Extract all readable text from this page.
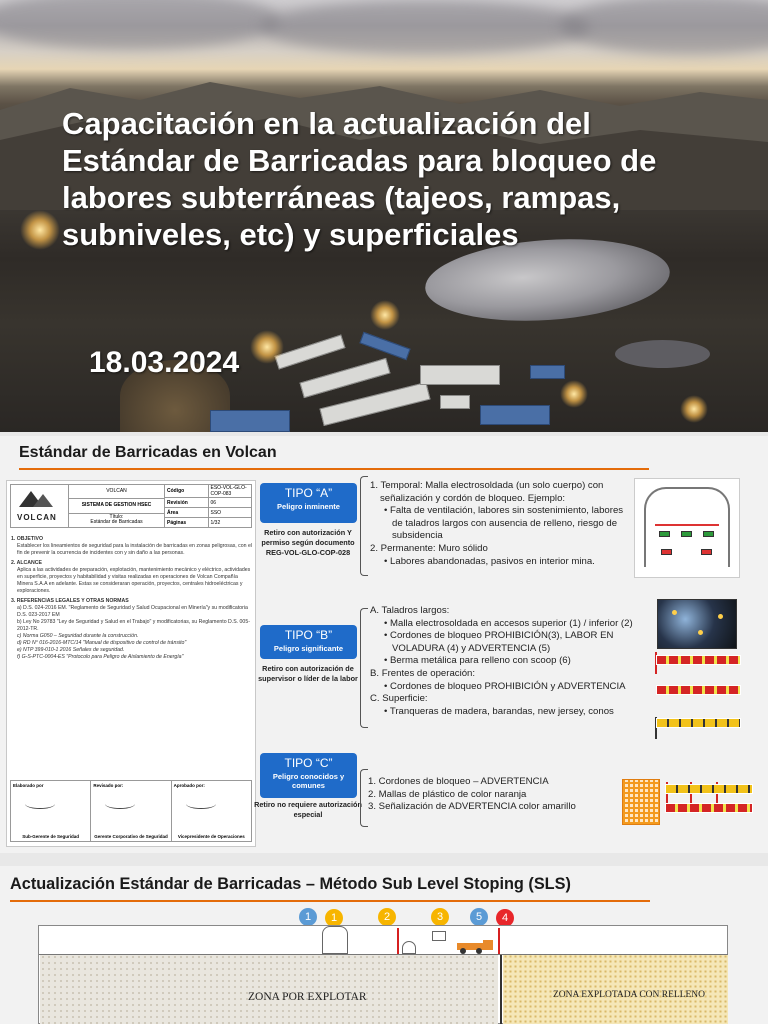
Capacitación en la actualización del Estándar de Barricadas para bloqueo de labores subterráneas (tajeos, rampas, subniveles, etc) y superficiales
18.03.2024
Estándar de Barricadas en Volcan
VOLCAN
VOLCAN
SISTEMA DE GESTION HSEC
Título:
Estándar de Barricadas
Código	ESO-VOL-GLO-COP-083
Revisión	06
Área	SSO
Páginas	1/32
1. OBJETIVO

Establecer los lineamientos de seguridad para la instalación de barricadas en zonas peligrosas, con el fin de prevenir la ocurrencia de incidentes con y sin daño a las personas.

2. ALCANCE

Aplica a las actividades de preparación, explotación, mantenimiento mecánico y eléctrico, actividades en superficie, proyectos y habitabilidad y visitas realizadas en operaciones de Volcan Compañía Minera S.A.A en adelante. Estas se consideraran operación, proyectos, centrales hidroeléctricas y exploraciones.

3. REFERENCIAS LEGALES Y OTRAS NORMAS

a) D.S. 024-2016 EM. "Reglamento de Seguridad y Salud Ocupacional en Minería"y su modificatoria D.S. 023-2017 EM

b) Ley No 29783 "Ley de Seguridad y Salud en el Trabajo" y modificatorias, su Reglamento D.S. 005-2012-TR.

c) Norma G050 – Seguridad durante la construcción.

d) RD N° 016-2016-MTC/14 "Manual de dispositivo de control de tránsito"

e) NTP 399-010-1 2016 Señales de seguridad.

f) G-S-PTC-0004-ES "Protocolo para Peligro de Aislamiento de Energía"

Elaborado por
Sub-Gerente de Seguridad
Revisado por:
Gerente Corporativo de Seguridad
Aprobado por:
Vicepresidente de Operaciones
TIPO “A”
Peligro inminente
Retiro con autorización Y permiso según documento REG-VOL-GLO-COP-028
1. Temporal: Malla electrosoldada (un solo cuerpo) con señalización y cordón de bloqueo. Ejemplo:
• Falta de ventilación, labores sin sostenimiento, labores de taladros largos con ausencia de relleno, riesgo de subsidencia
2. Permanente: Muro sólido
• Labores abandonadas, pasivos en interior mina.
TIPO “B”
Peligro significante
Retiro con autorización de supervisor o líder de la labor
A. Taladros largos:
• Malla electrosoldada en accesos superior (1) / inferior (2)
• Cordones de bloqueo PROHIBICIÓN(3), LABOR EN VOLADURA (4) y ADVERTENCIA (5)
• Berma metálica para relleno con scoop (6)
B. Frentes de operación:
• Cordones de bloqueo PROHIBICIÓN y ADVERTENCIA
C. Superficie:
• Tranqueras de madera, barandas, new jersey, conos
TIPO “C”
Peligro conocidos y comunes
Retiro no requiere autorización especial
1. Cordones de bloqueo – ADVERTENCIA
2. Mallas de plástico de color naranja
3. Señalización de ADVERTENCIA color amarillo
Actualización Estándar de Barricadas – Método Sub Level Stoping (SLS)
1	1	2	3	5	4
ZONA POR EXPLOTAR	ZONA EXPLOTADA CON RELLENO
